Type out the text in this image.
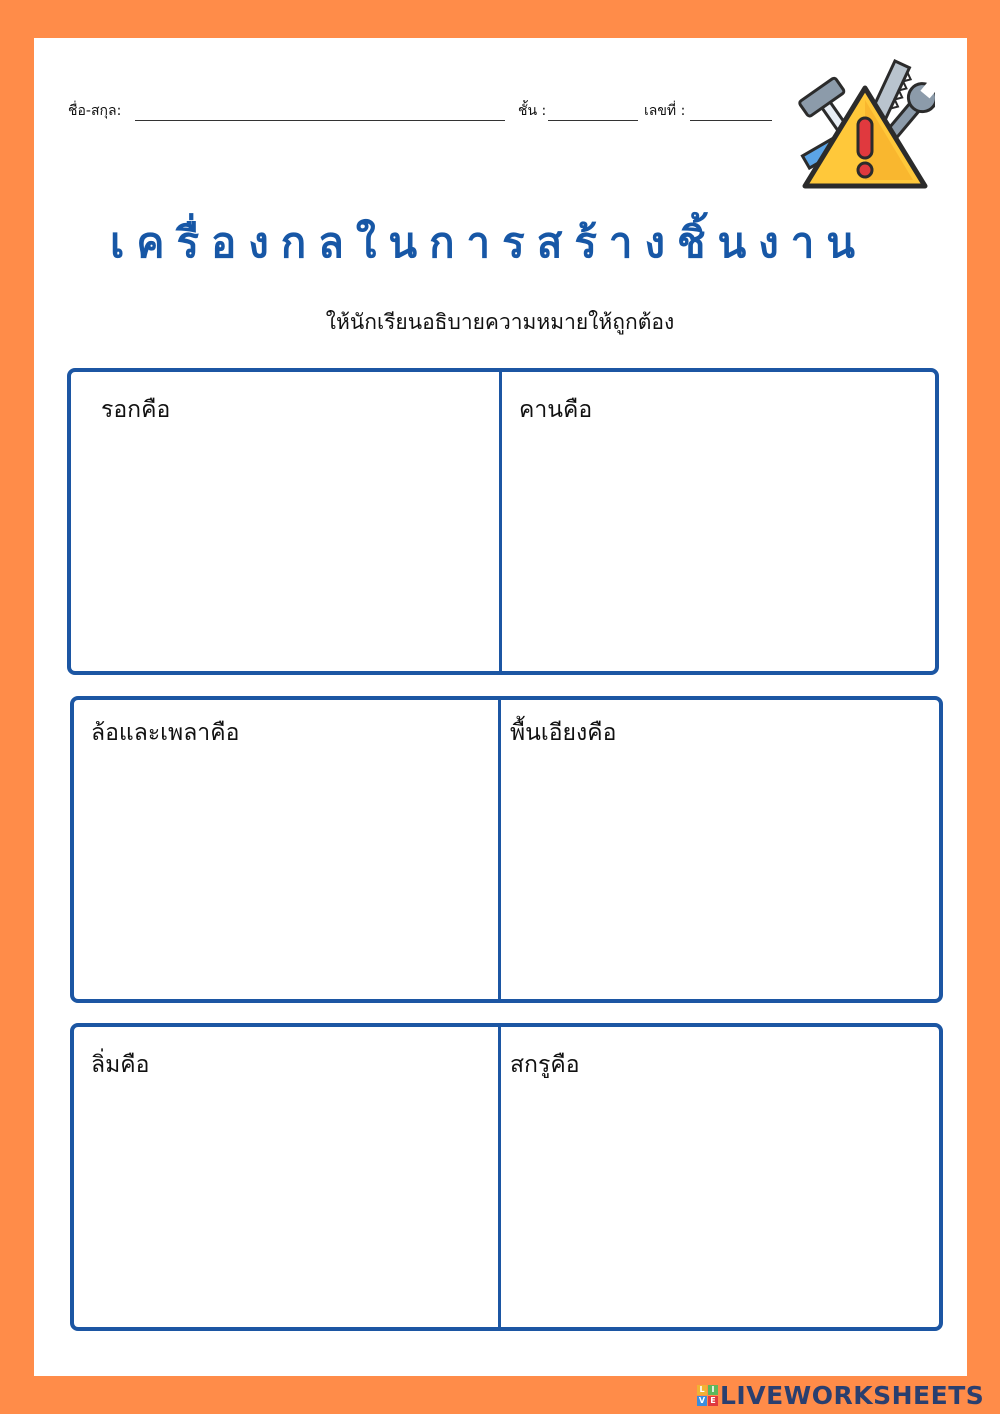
ชื่อ-สกุล:	ชั้น :	เลขที่ :
เครื่องกลในการสร้างชิ้นงาน
ให้นักเรียนอธิบายความหมายให้ถูกต้อง
รอกคือ	คานคือ
ล้อและเพลาคือ	พื้นเอียงคือ
ลิ่มคือ	สกรูคือ
L I
V E LIVEWORKSHEETS
